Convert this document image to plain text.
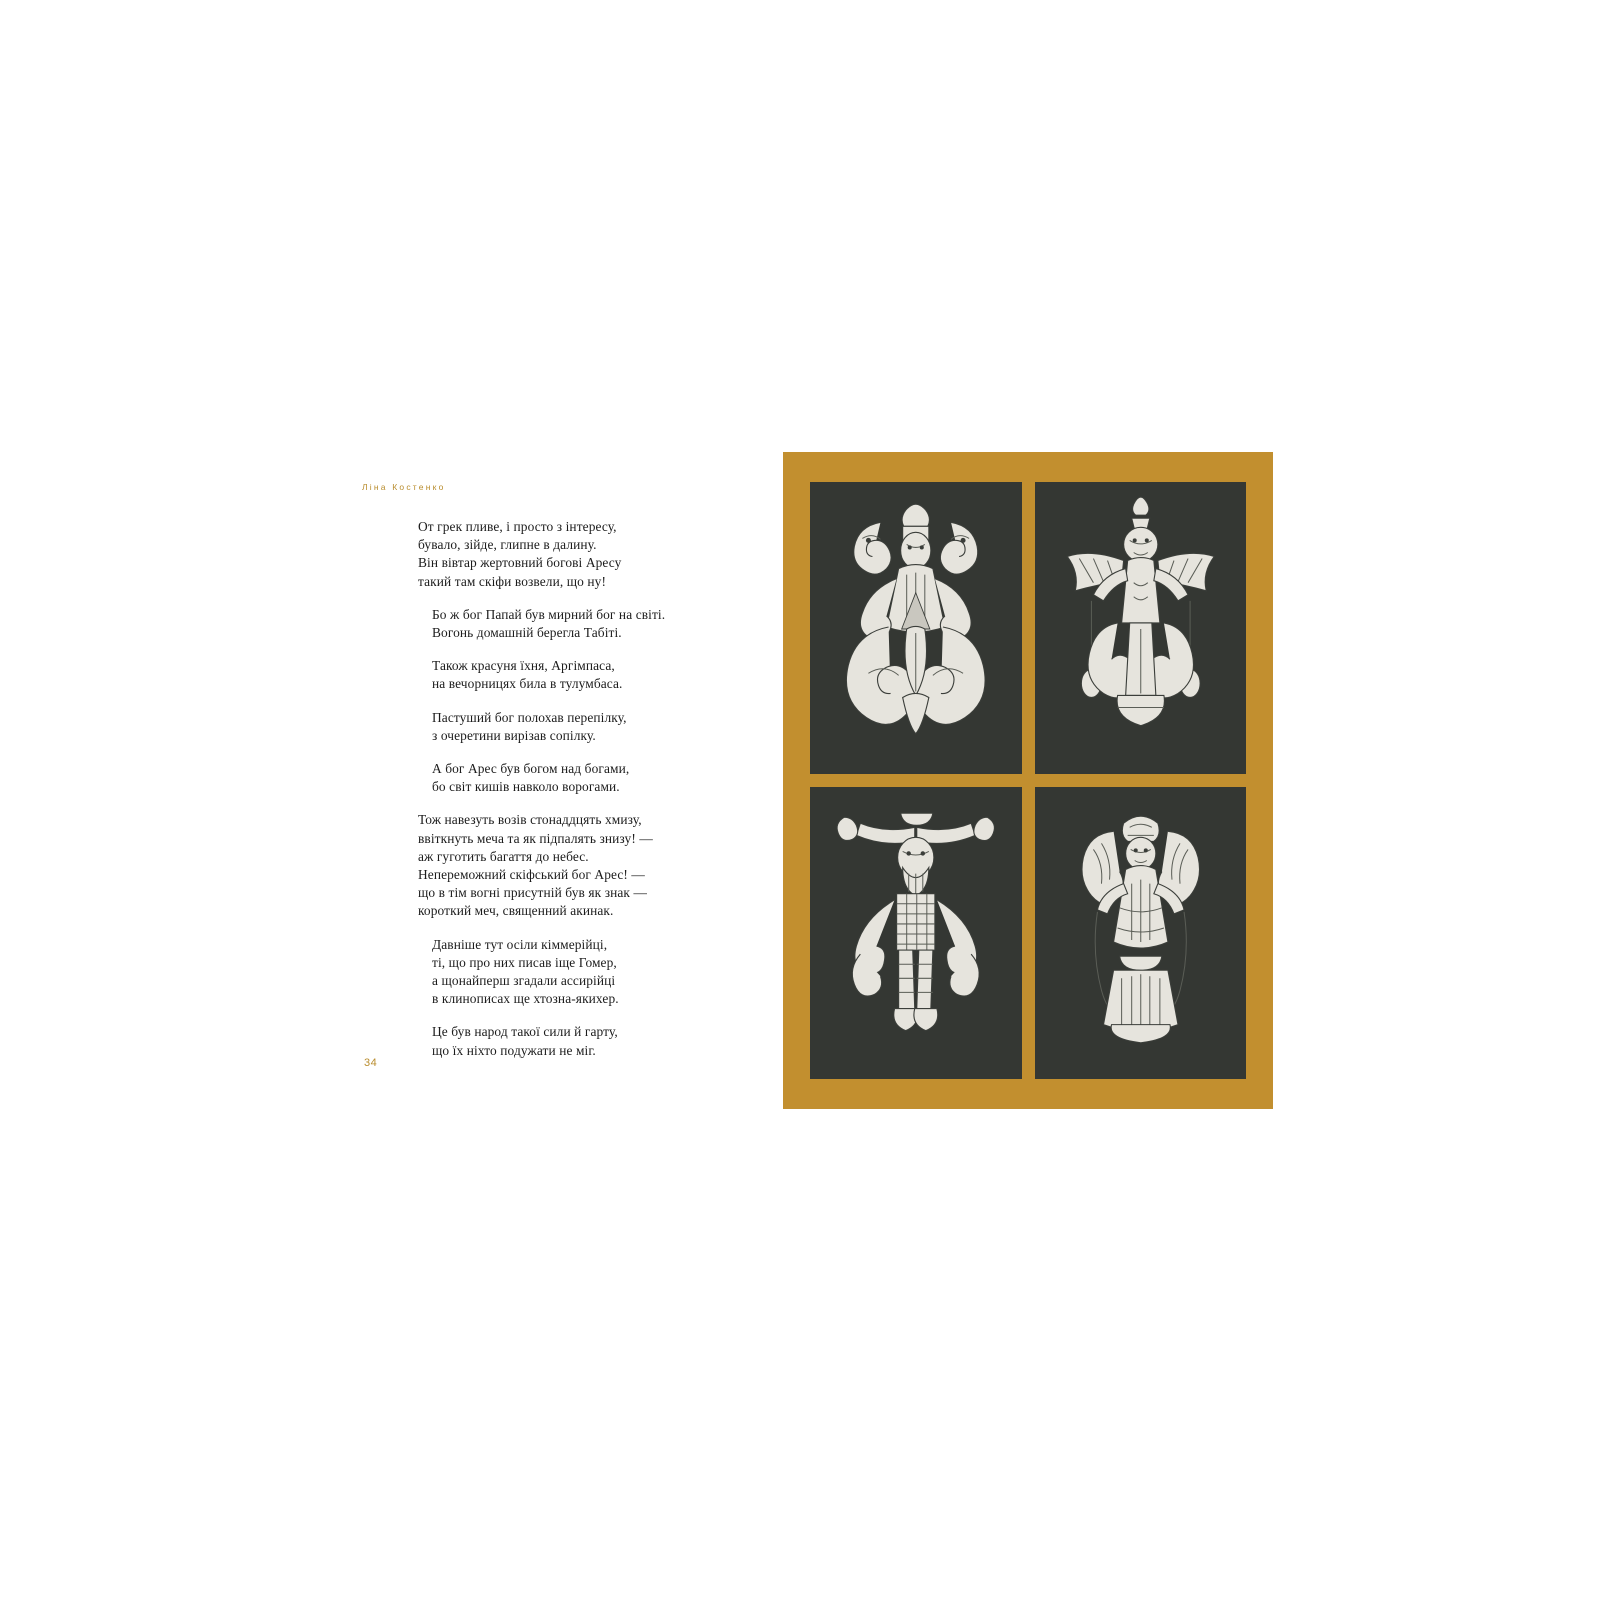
Ліна Костенко

От грек пливе, і просто з інтересу,
бувало, зійде, глипне в далину.
Він вівтар жертовний богові Аресу
такий там скіфи возвели, що ну!

Бо ж бог Папай був мирний бог на світі.
Вогонь домашній берегла Табіті.

Також красуня їхня, Аргімпаса,
на вечорницях била в тулумбаса.

Пастуший бог полохав перепілку,
з очеретини вирізав сопілку.

А бог Арес був богом над богами,
бо світ кишів навколо ворогами.

Тож навезуть возів стонаддцять хмизу,
ввіткнуть меча та як підпалять знизу! —
аж гуготить багаття до небес.
Непереможний скіфський бог Арес! —
що в тім вогні присутній був як знак —
короткий меч, священний акинак.

Давніше тут осіли кіммерійці,
ті, що про них писав іще Гомер,
а щонайперш згадали ассирійці
в клинописах ще хтозна-якихер.

Це був народ такої сили й гарту,
що їх ніхто подужати не міг.

34
